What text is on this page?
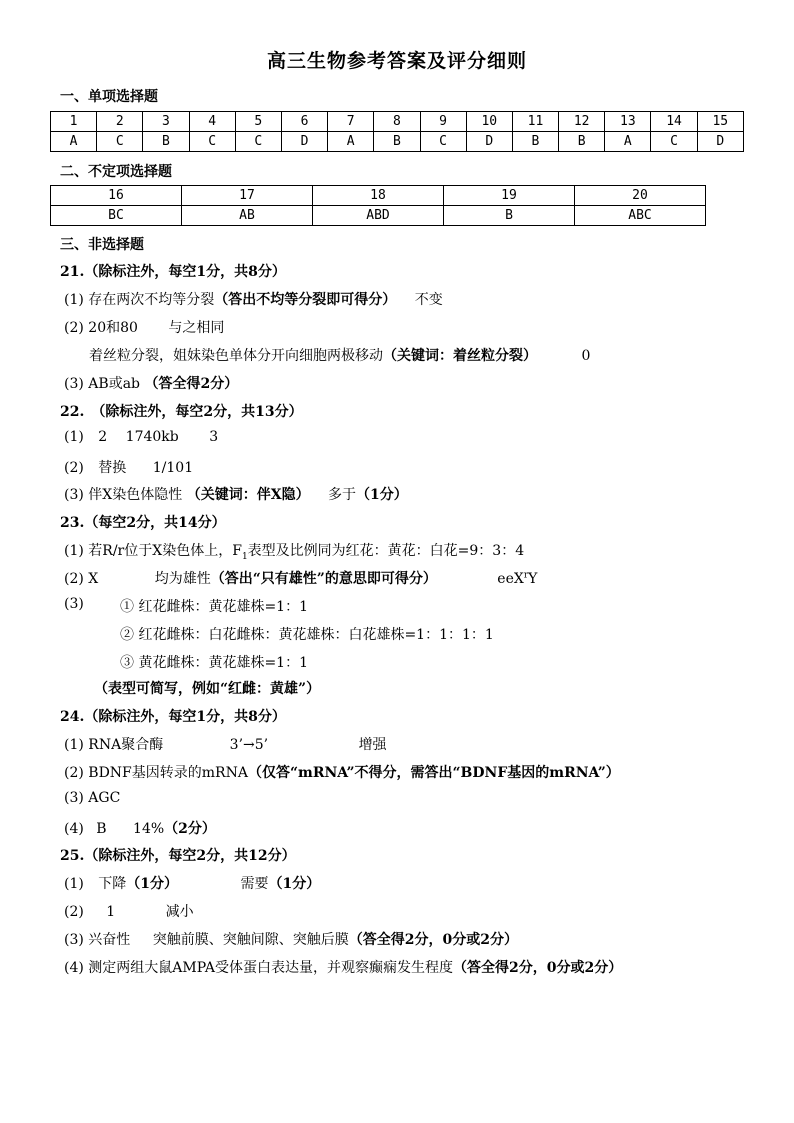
高三生物参考答案及评分细则
一、单项选择题
1	2	3	4	5	6	7	8	9	10	11	12	13	14	15
A	C	B	C	C	D	A	B	C	D	B	B	A	C	D
二、不定项选择题
16	17	18	19	20
BC	AB	ABD	B	ABC
三、非选择题
21.（除标注外，每空1分，共8分）
(1) 存在两次不均等分裂（答出不均等分裂即可得分） 不变
(2) 20和80 与之相同
着丝粒分裂，姐妹染色单体分开向细胞两极移动（关键词：着丝粒分裂）	0
(3) AB或ab （答全得2分）
22.　（除标注外，每空2分，共13分）
(1) 2 1740kb 3
(2) 替换 1/101
(3) 伴X染色体隐性 （关键词：伴X隐） 多于（1分）
23.（每空2分，共14分）
(1) 若R/r位于X染色体上，$F_1$表型及比例同为红花：黄花：白花=9：3：4
(2) X	均为雄性（答出“只有雄性”的意思即可得分）	eeX$^r$Y
(3)	① 红花雌株：黄花雄株=1：1
② 红花雌株：白花雌株：黄花雄株：白花雄株=1：1：1：1
③ 黄花雌株：黄花雄株=1：1
（表型可简写，例如“红雌：黄雄”）
24.（除标注外，每空1分，共8分）
(1) RNA聚合酶	3’→5’	增强
(2) BDNF基因转录的mRNA（仅答“mRNA”不得分，需答出“BDNF基因的mRNA”）
(3) AGC
(4) B 14%（2分）
25.（除标注外，每空2分，共12分）
(1) 下降（1分）	需要（1分）
(2) 1	减小
(3) 兴奋性 突触前膜、突触间隙、突触后膜（答全得2分，0分或2分）
(4) 测定两组大鼠AMPA受体蛋白表达量，并观察癫痫发生程度（答全得2分，0分或2分）
